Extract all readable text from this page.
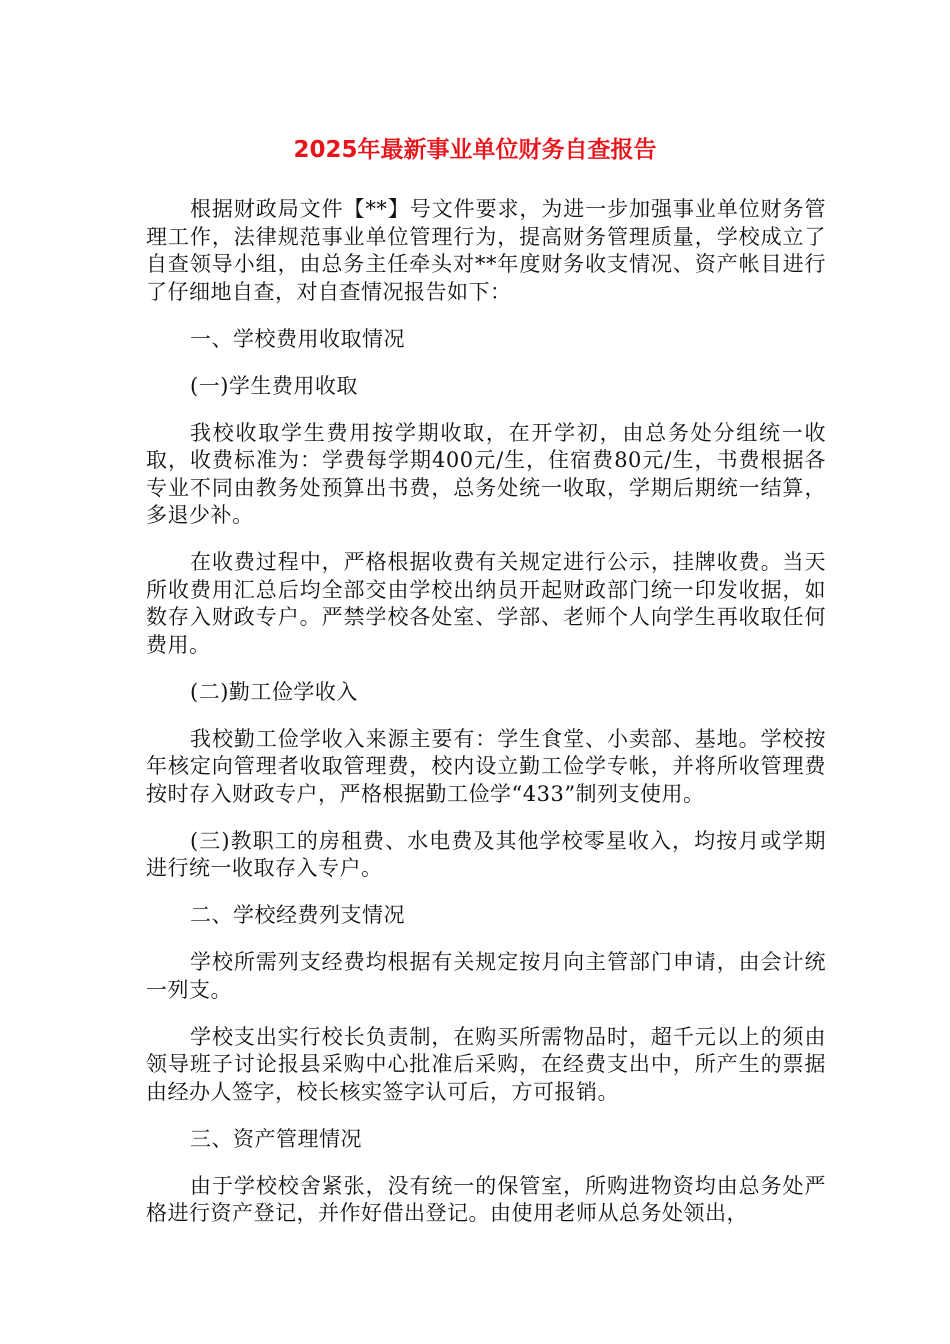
2025年最新事业单位财务自查报告

根据财政局文件【**】号文件要求，为进一步加强事业单位财务管理工作，法律规范事业单位管理行为，提高财务管理质量，学校成立了自查领导小组，由总务主任牵头对**年度财务收支情况、资产帐目进行了仔细地自查，对自查情况报告如下：

一、学校费用收取情况

(一)学生费用收取

我校收取学生费用按学期收取，在开学初，由总务处分组统一收取，收费标准为：学费每学期400元/生，住宿费80元/生，书费根据各专业不同由教务处预算出书费，总务处统一收取，学期后期统一结算，多退少补。

在收费过程中，严格根据收费有关规定进行公示，挂牌收费。当天所收费用汇总后均全部交由学校出纳员开起财政部门统一印发收据，如数存入财政专户。严禁学校各处室、学部、老师个人向学生再收取任何费用。

(二)勤工俭学收入

我校勤工俭学收入来源主要有：学生食堂、小卖部、基地。学校按年核定向管理者收取管理费，校内设立勤工俭学专帐，并将所收管理费按时存入财政专户，严格根据勤工俭学“433”制列支使用。

(三)教职工的房租费、水电费及其他学校零星收入，均按月或学期进行统一收取存入专户。

二、学校经费列支情况

学校所需列支经费均根据有关规定按月向主管部门申请，由会计统一列支。

学校支出实行校长负责制，在购买所需物品时，超千元以上的须由领导班子讨论报县采购中心批准后采购，在经费支出中，所产生的票据由经办人签字，校长核实签字认可后，方可报销。

三、资产管理情况

由于学校校舍紧张，没有统一的保管室，所购进物资均由总务处严格进行资产登记，并作好借出登记。由使用老师从总务处领出，
